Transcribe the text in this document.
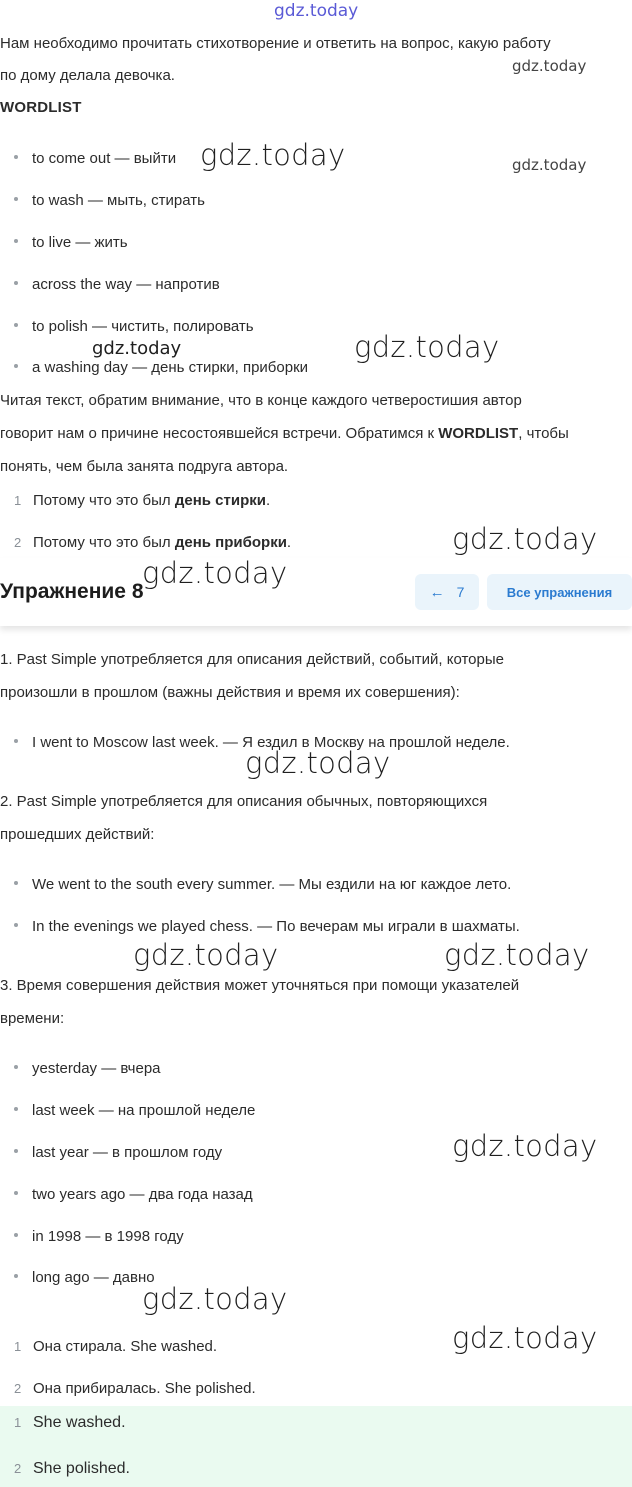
gdz.today
Нам необходимо прочитать стихотворение и ответить на вопрос, какую работу
по дому делала девочка.
gdz.today
WORDLIST
to come out — выйти
to wash — мыть, стирать
to live — жить
across the way — напротив
to polish — чистить, полировать
a washing day — день стирки, приборки
gdz.today	gdz.today
gdz.today	gdz.today
Читая текст, обратим внимание, что в конце каждого четверостишия автор
говорит нам о причине несостоявшейся встречи. Обратимся к WORDLIST, чтобы
понять, чем была занята подруга автора.
1 Потому что это был день стирки.
2 Потому что это был день приборки.	gdz.today
Упражнение 8	← 7	Все упражнения
gdz.today
1. Past Simple употребляется для описания действий, событий, которые
произошли в прошлом (важны действия и время их совершения):
I went to Moscow last week. — Я ездил в Москву на прошлой неделе.
gdz.today
2. Past Simple употребляется для описания обычных, повторяющихся
прошедших действий:
We went to the south every summer. — Мы ездили на юг каждое лето.
In the evenings we played chess. — По вечерам мы играли в шахматы.
gdz.today	gdz.today
3. Время совершения действия может уточняться при помощи указателей
времени:
yesterday — вчера
last week — на прошлой неделе
last year — в прошлом году
two years ago — два года назад
in 1998 — в 1998 году
long ago — давно
gdz.today
gdz.today
1 Она стирала. She washed.
2 Она прибиралась. She polished.
gdz.today
1 She washed.
2 She polished.
